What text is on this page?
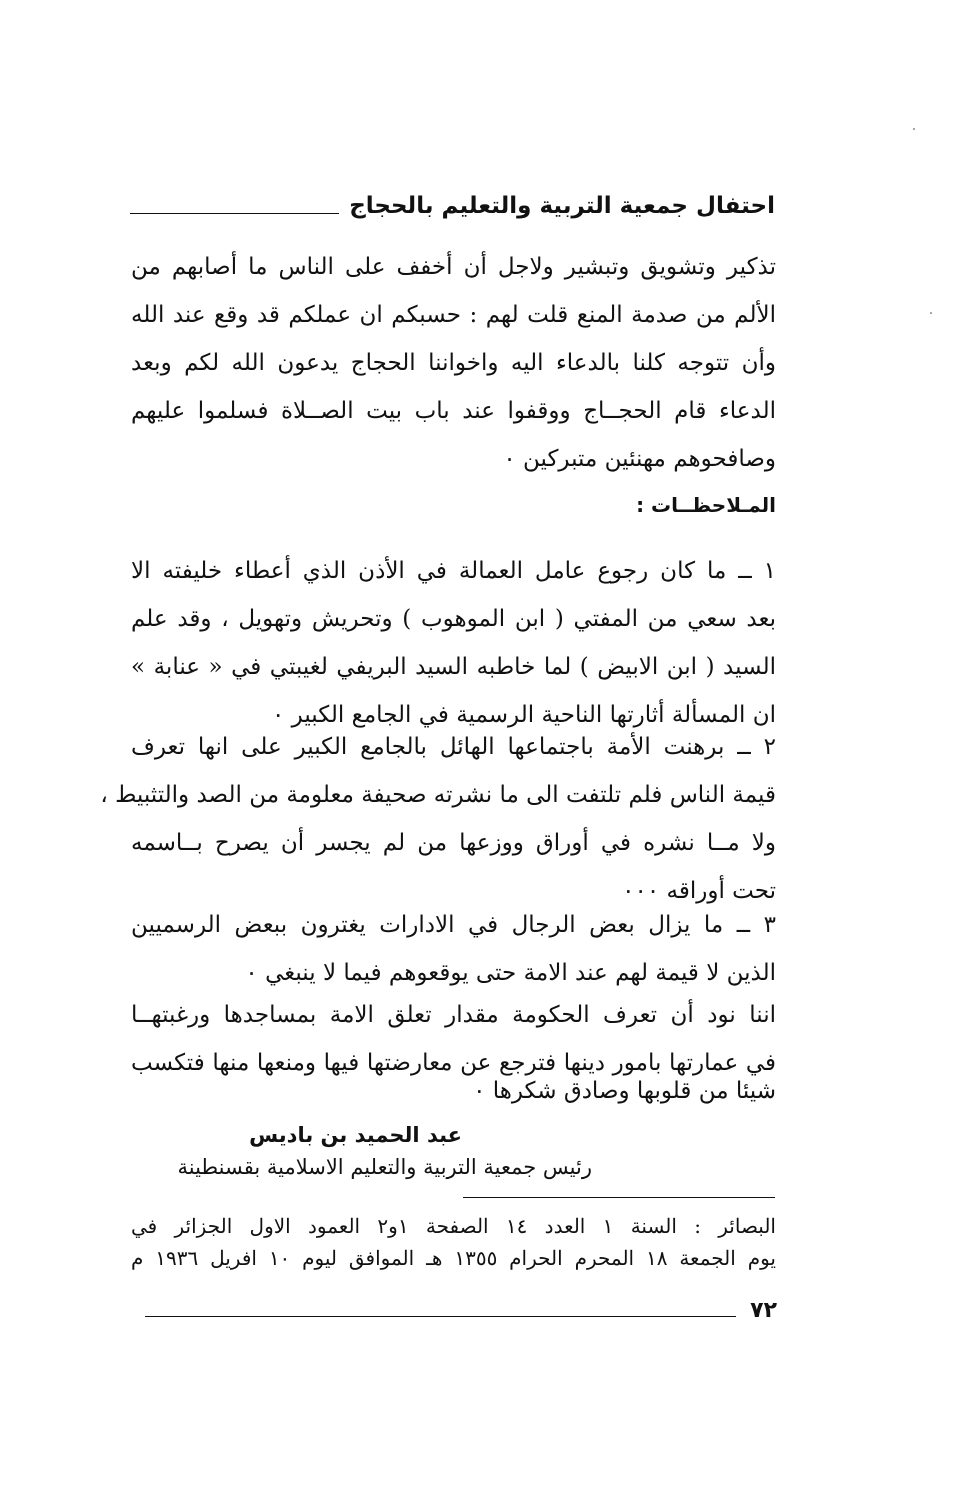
احتفال جمعية التربية والتعليم بالحجاج
تذكير وتشويق وتبشير ولاجل أن أخفف على الناس ما أصابهم من
الألم من صدمة المنع قلت لهم : حسبكم ان عملكم قد وقع عند الله
وأن تتوجه كلنا بالدعاء اليه واخواننا الحجاج يدعون الله لكم وبعد
الدعاء قام الحجــاج ووقفوا عند باب بيت الصــلاة فسلموا عليهم
وصافحوهم مهنئين متبركين ٠
المـلاحظــات :
١ ــ ما كان رجوع عامل العمالة في الأذن الذي أعطاء خليفته الا
بعد سعي من المفتي ( ابن الموهوب ) وتحريش وتهويل ، وقد علم
السيد ( ابن الابيض ) لما خاطبه السيد البريفي لغيبتي في « عنابة »
ان المسألة أثارتها الناحية الرسمية في الجامع الكبير ٠
٢ ــ برهنت الأمة باجتماعها الهائل بالجامع الكبير على انها تعرف
قيمة الناس فلم تلتفت الى ما نشرته صحيفة معلومة من الصد والتثبيط ،
ولا مــا نشره في أوراق ووزعها من لم يجسر أن يصرح بــاسمه
تحت أوراقه ٠٠٠
٣ ــ ما يزال بعض الرجال في الادارات يغترون ببعض الرسميين
الذين لا قيمة لهم عند الامة حتى يوقعوهم فيما لا ينبغي ٠
اننا نود أن تعرف الحكومة مقدار تعلق الامة بمساجدها ورغبتهــا
في عمارتها بامور دينها فترجع عن معارضتها فيها ومنعها منها فتكسب
شيئا من قلوبها وصادق شكرها ٠
عبد الحميد بن باديس
رئيس جمعية التربية والتعليم الاسلامية بقسنطينة
البصائر : السنة ١ العدد ١٤ الصفحة ١و٢ العمود الاول الجزائر في
يوم الجمعة ١٨ المحرم الحرام ١٣٥٥ هـ الموافق ليوم ١٠ افريل ١٩٣٦ م
٧٢
